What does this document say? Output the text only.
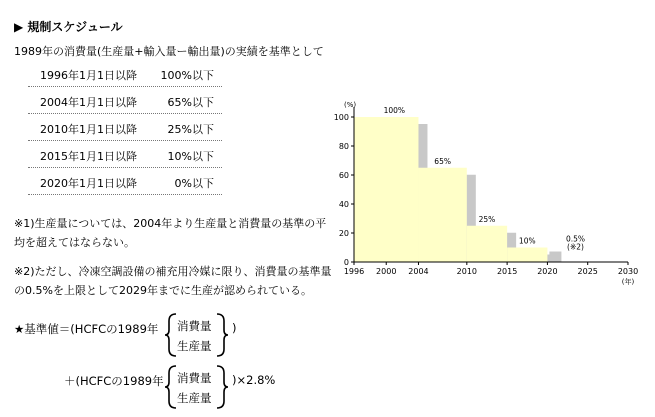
▶ 規制スケジュール
1989年の消費量(生産量+輸入量ー輸出量)の実績を基準として
1996年1月1日以降 100%以下
2004年1月1日以降	65%以下
2010年1月1日以降	25%以下
2015年1月1日以降	10%以下
2020年1月1日以降	0%以下
※1)生産量については、2004年より生産量と消費量の基準の平均を超えてはならない。
※2)ただし、冷凍空調設備の補充用冷媒に限り、消費量の基準量の0.5%を上限として2029年までに生産が認められている。
★基準値＝(HCFCの1989年 消費量
生産量
)
＋(HCFCの1989年 消費量
生産量
)×2.8%
0
20
40
60
80
100
1996 2000 2004	2010 2015 2020 2025 2030
(%)
(年)
100%
65%
25%
10%	0.5%
(※2)
